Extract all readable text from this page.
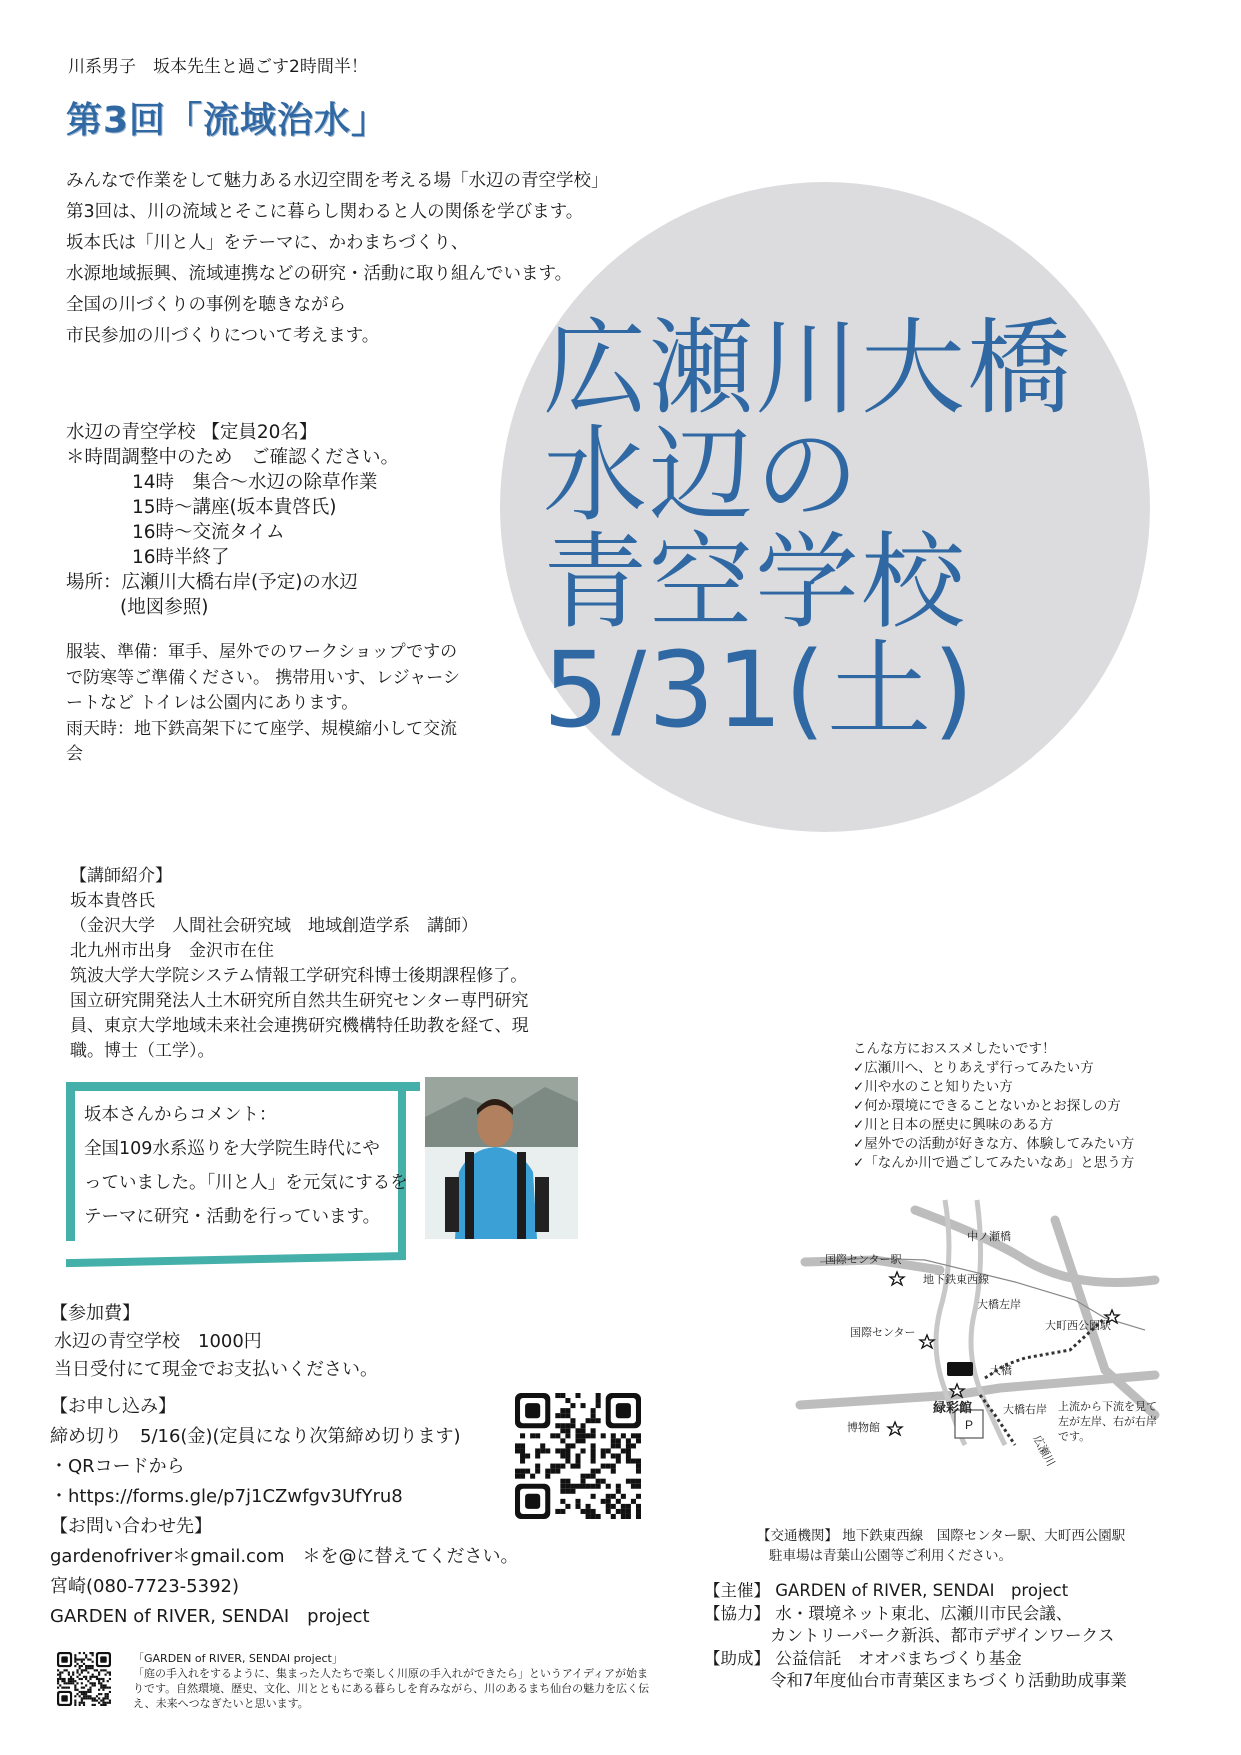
広瀬川大橋
水辺の
青空学校
5/31(土)
川系男子　坂本先生と過ごす2時間半！
第3回「流域治水」
みんなで作業をして魅力ある水辺空間を考える場「水辺の青空学校」
第3回は、川の流域とそこに暮らし関わると人の関係を学びます。
坂本氏は「川と人」をテーマに、かわまちづくり、
水源地域振興、流域連携などの研究・活動に取り組んでいます。
全国の川づくりの事例を聴きながら
市民参加の川づくりについて考えます。
水辺の青空学校 【定員20名】
＊時間調整中のため　ご確認ください。
14時　集合～水辺の除草作業
15時～講座(坂本貴啓氏)
16時～交流タイム
16時半終了
場所：広瀬川大橋右岸(予定)の水辺
(地図参照)
服装、準備：軍手、屋外でのワークショップですので防寒等ご準備ください。 携帯用いす、レジャーシートなど トイレは公園内にあります。
雨天時：地下鉄高架下にて座学、規模縮小して交流会
【講師紹介】
坂本貴啓氏
（金沢大学　人間社会研究域　地域創造学系　講師）
北九州市出身　金沢市在住
筑波大学大学院システム情報工学研究科博士後期課程修了。
国立研究開発法人土木研究所自然共生研究センター専門研究
員、東京大学地域未来社会連携研究機構特任助教を経て、現
職。博士（工学）。
坂本さんからコメント：
全国109水系巡りを大学院生時代にや
っていました。「川と人」を元気にするを
テーマに研究・活動を行っています。
【参加費】
水辺の青空学校　1000円
当日受付にて現金でお支払いください。
【お申し込み】
締め切り　5/16(金)(定員になり次第締め切ります)
・QRコードから
・https://forms.gle/p7j1CZwfgv3UfYru8
【お問い合わせ先】
gardenofriver＊gmail.com　＊を@に替えてください。
宮崎(080-7723-5392)
GARDEN of RIVER, SENDAI　project
「GARDEN of RIVER, SENDAI project」
「庭の手入れをするように、集まった人たちで楽しく川原の手入れができたら」というアイディアが始まりです。自然環境、歴史、文化、川とともにある暮らしを育みながら、川のあるまち仙台の魅力を広く伝え、未来へつなぎたいと思います。
こんな方におススメしたいです！
✓広瀬川へ、とりあえず行ってみたい方
✓川や水のこと知りたい方
✓何か環境にできることないかとお探しの方
✓川と日本の歴史に興味のある方
✓屋外での活動が好きな方、体験してみたい方
✓「なんか川で過ごしてみたいなあ」と思う方
中ノ瀬橋
国際センター駅
地下鉄東西線
大橋左岸
大町西公園駅
国際センター
大橋
緑彩館	大橋右岸
博物館
広瀬川
P
上流から下流を見て左が左岸、右が右岸です。
【交通機関】 地下鉄東西線　国際センター駅、大町西公園駅
駐車場は青葉山公園等ご利用ください。
【主催】 GARDEN of RIVER, SENDAI　project
【協力】 水・環境ネット東北、広瀬川市民会議、
カントリーパーク新浜、都市デザインワークス
【助成】 公益信託　オオバまちづくり基金
令和7年度仙台市青葉区まちづくり活動助成事業
